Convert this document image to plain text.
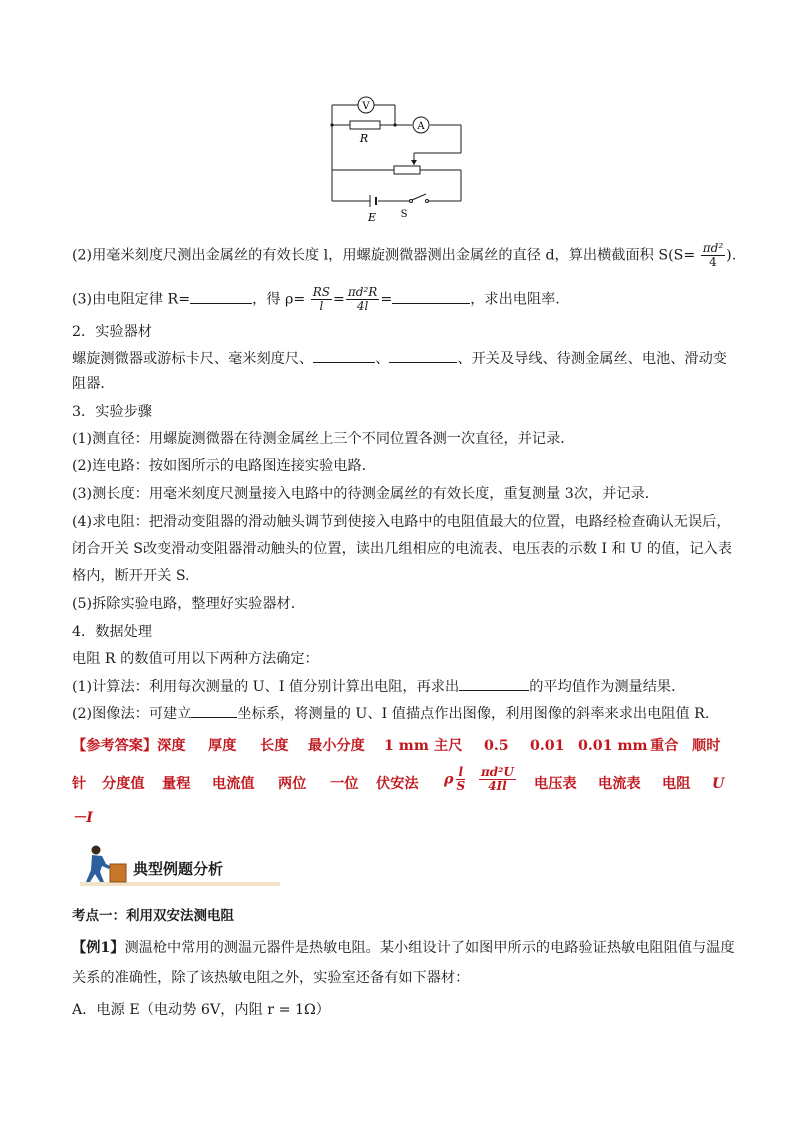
V
A
R
E S
(2)用毫米刻度尺测出金属丝的有效长度 l，用螺旋测微器测出金属丝的直径 d，算出横截面积 $S(S= \frac{\text{πd²}}{4}$ ).
(3)由电阻定律 R=	，得 $\rho= \frac{RS}{l} = \frac{\text{πd²R}}{4l}$ =	，求出电阻率．
2．实验器材
螺旋测微器或游标卡尺、毫米刻度尺、	、	、开关及导线、待测金属丝、电池、滑动变
阻器．
3．实验步骤
(1)测直径：用螺旋测微器在待测金属丝上三个不同位置各测一次直径，并记录．
(2)连电路：按如图所示的电路图连接实验电路．
(3)测长度：用毫米刻度尺测量接入电路中的待测金属丝的有效长度，重复测量 3次，并记录．
(4)求电阻：把滑动变阻器的滑动触头调节到使接入电路中的电阻值最大的位置，电路经检查确认无误后，
闭合开关 S改变滑动变阻器滑动触头的位置，读出几组相应的电流表、电压表的示数 I 和 U 的值，记入表
格内，断开开关 S.
(5)拆除实验电路，整理好实验器材．
4．数据处理
电阻 R 的数值可用以下两种方法确定：
(1)计算法：利用每次测量的 U、I 值分别计算出电阻，再求出	的平均值作为测量结果．
(2)图像法：可建立	坐标系，将测量的 U、I 值描点作出图像，利用图像的斜率来求出电阻值 R.
【参考答案】深度 厚度 长度 最小分度 1 mm 主尺 0.5 0.01 0.01 mm 重合 顺时
针 分度值 量程 电流值 两位 一位 伏安法 ρ $\frac{l}{S} \frac{\text{πd²U}}{4Il}$ 电压表 电流表 电阻 U
－I
典型例题分析
考点一：利用双安法测电阻
【例1】测温枪中常用的测温元器件是热敏电阻。某小组设计了如图甲所示的电路验证热敏电阻阻值与温度
关系的准确性，除了该热敏电阻之外，实验室还备有如下器材：
A．电源 E（电动势 6V，内阻 r = 1Ω）
